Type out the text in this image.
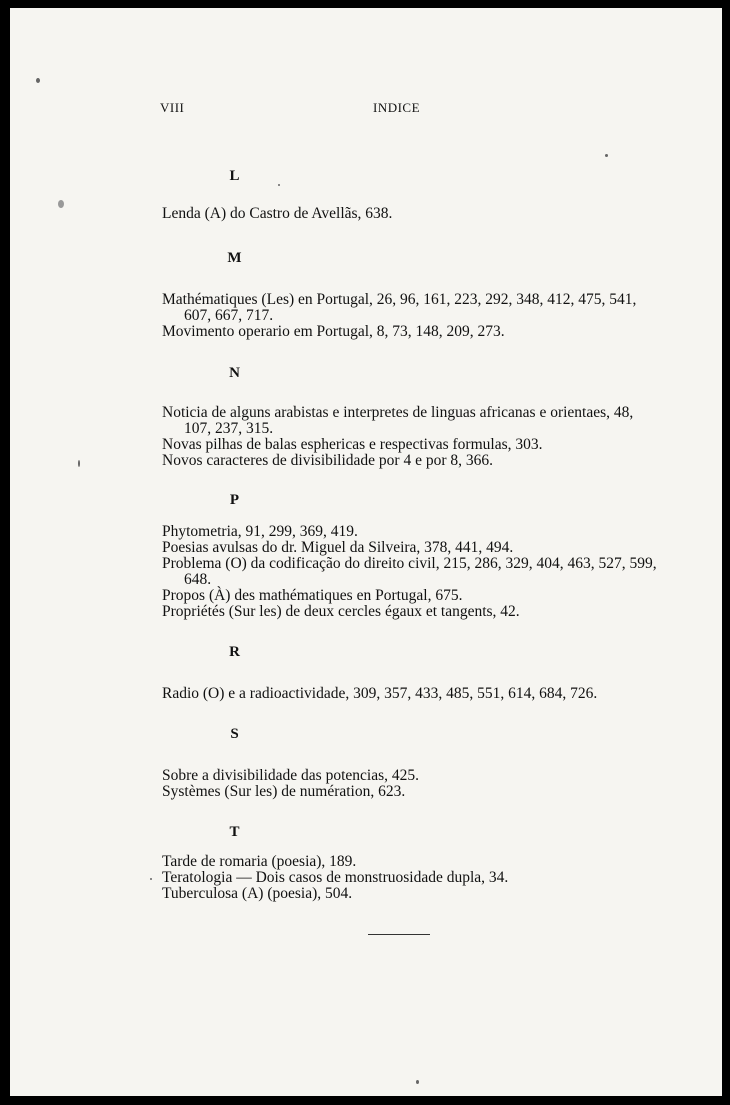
VIII	INDICE
L

Lenda (A) do Castro de Avellãs, 638.

M

Mathématiques (Les) en Portugal, 26, 96, 161, 223, 292, 348, 412, 475, 541, 607, 667, 717.

Movimento operario em Portugal, 8, 73, 148, 209, 273.

N

Noticia de alguns arabistas e interpretes de linguas africanas e orientaes, 48, 107, 237, 315.

Novas pilhas de balas esphericas e respectivas formulas, 303.

Novos caracteres de divisibilidade por 4 e por 8, 366.

P

Phytometria, 91, 299, 369, 419.

Poesias avulsas do dr. Miguel da Silveira, 378, 441, 494.

Problema (O) da codificação do direito civil, 215, 286, 329, 404, 463, 527, 599, 648.

Propos (À) des mathématiques en Portugal, 675.

Propriétés (Sur les) de deux cercles égaux et tangents, 42.

R

Radio (O) e a radioactividade, 309, 357, 433, 485, 551, 614, 684, 726.

S

Sobre a divisibilidade das potencias, 425.

Systèmes (Sur les) de numération, 623.

T

Tarde de romaria (poesia), 189.

Teratologia — Dois casos de monstruosidade dupla, 34.

Tuberculosa (A) (poesia), 504.
